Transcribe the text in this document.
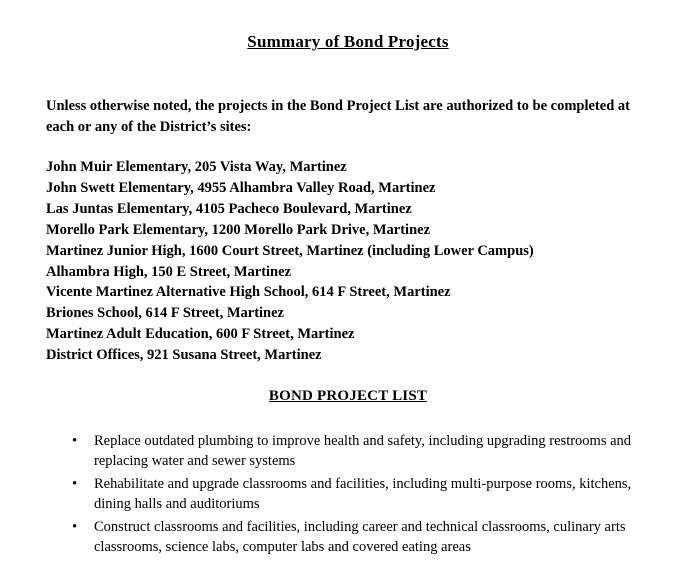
Summary of Bond Projects
Unless otherwise noted, the projects in the Bond Project List are authorized to be completed at each or any of the District’s sites:
John Muir Elementary, 205 Vista Way, Martinez
John Swett Elementary, 4955 Alhambra Valley Road, Martinez
Las Juntas Elementary, 4105 Pacheco Boulevard, Martinez
Morello Park Elementary, 1200 Morello Park Drive, Martinez
Martinez Junior High, 1600 Court Street, Martinez (including Lower Campus)
Alhambra High, 150 E Street, Martinez
Vicente Martinez Alternative High School, 614 F Street, Martinez
Briones School, 614 F Street, Martinez
Martinez Adult Education, 600 F Street, Martinez
District Offices, 921 Susana Street, Martinez
BOND PROJECT LIST
• Replace outdated plumbing to improve health and safety, including upgrading restrooms and replacing water and sewer systems
• Rehabilitate and upgrade classrooms and facilities, including multi-purpose rooms, kitchens, dining halls and auditoriums
• Construct classrooms and facilities, including career and technical classrooms, culinary arts classrooms, science labs, computer labs and covered eating areas
